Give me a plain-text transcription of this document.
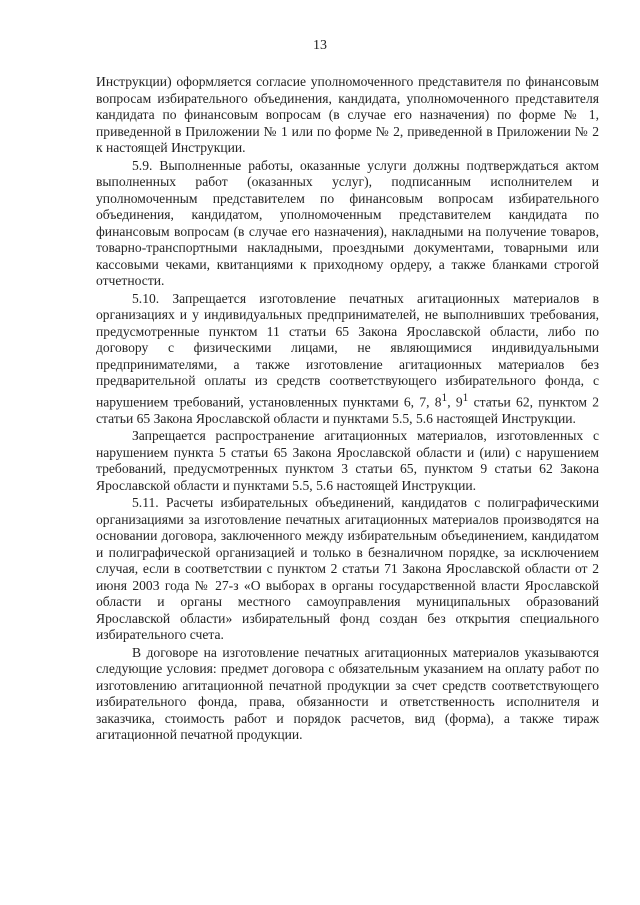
13

Инструкции) оформляется согласие уполномоченного представителя по финансовым вопросам избирательного объединения, кандидата, уполномоченного представителя кандидата по финансовым вопросам (в случае его назначения) по форме № 1, приведенной в Приложении № 1 или по форме № 2, приведенной в Приложении № 2 к настоящей Инструкции.

5.9. Выполненные работы, оказанные услуги должны подтверждаться актом выполненных работ (оказанных услуг), подписанным исполнителем и уполномоченным представителем по финансовым вопросам избирательного объединения, кандидатом, уполномоченным представителем кандидата по финансовым вопросам (в случае его назначения), накладными на получение товаров, товарно-транспортными накладными, проездными документами, товарными или кассовыми чеками, квитанциями к приходному ордеру, а также бланками строгой отчетности.

5.10. Запрещается изготовление печатных агитационных материалов в организациях и у индивидуальных предпринимателей, не выполнивших требования, предусмотренные пунктом 11 статьи 65 Закона Ярославской области, либо по договору с физическими лицами, не являющимися индивидуальными предпринимателями, а также изготовление агитационных материалов без предварительной оплаты из средств соответствующего избирательного фонда, с нарушением требований, установленных пунктами 6, 7, $8^1$, $9^1$ статьи 62, пунктом 2 статьи 65 Закона Ярославской области и пунктами 5.5, 5.6 настоящей Инструкции.

Запрещается распространение агитационных материалов, изготовленных с нарушением пункта 5 статьи 65 Закона Ярославской области и (или) с нарушением требований, предусмотренных пунктом 3 статьи 65, пунктом 9 статьи 62 Закона Ярославской области и пунктами 5.5, 5.6 настоящей Инструкции.

5.11. Расчеты избирательных объединений, кандидатов с полиграфическими организациями за изготовление печатных агитационных материалов производятся на основании договора, заключенного между избирательным объединением, кандидатом и полиграфической организацией и только в безналичном порядке, за исключением случая, если в соответствии с пунктом 2 статьи 71 Закона Ярославской области от 2 июня 2003 года № 27-з «О выборах в органы государственной власти Ярославской области и органы местного самоуправления муниципальных образований Ярославской области» избирательный фонд создан без открытия специального избирательного счета.

В договоре на изготовление печатных агитационных материалов указываются следующие условия: предмет договора с обязательным указанием на оплату работ по изготовлению агитационной печатной продукции за счет средств соответствующего избирательного фонда, права, обязанности и ответственность исполнителя и заказчика, стоимость работ и порядок расчетов, вид (форма), а также тираж агитационной печатной продукции.
